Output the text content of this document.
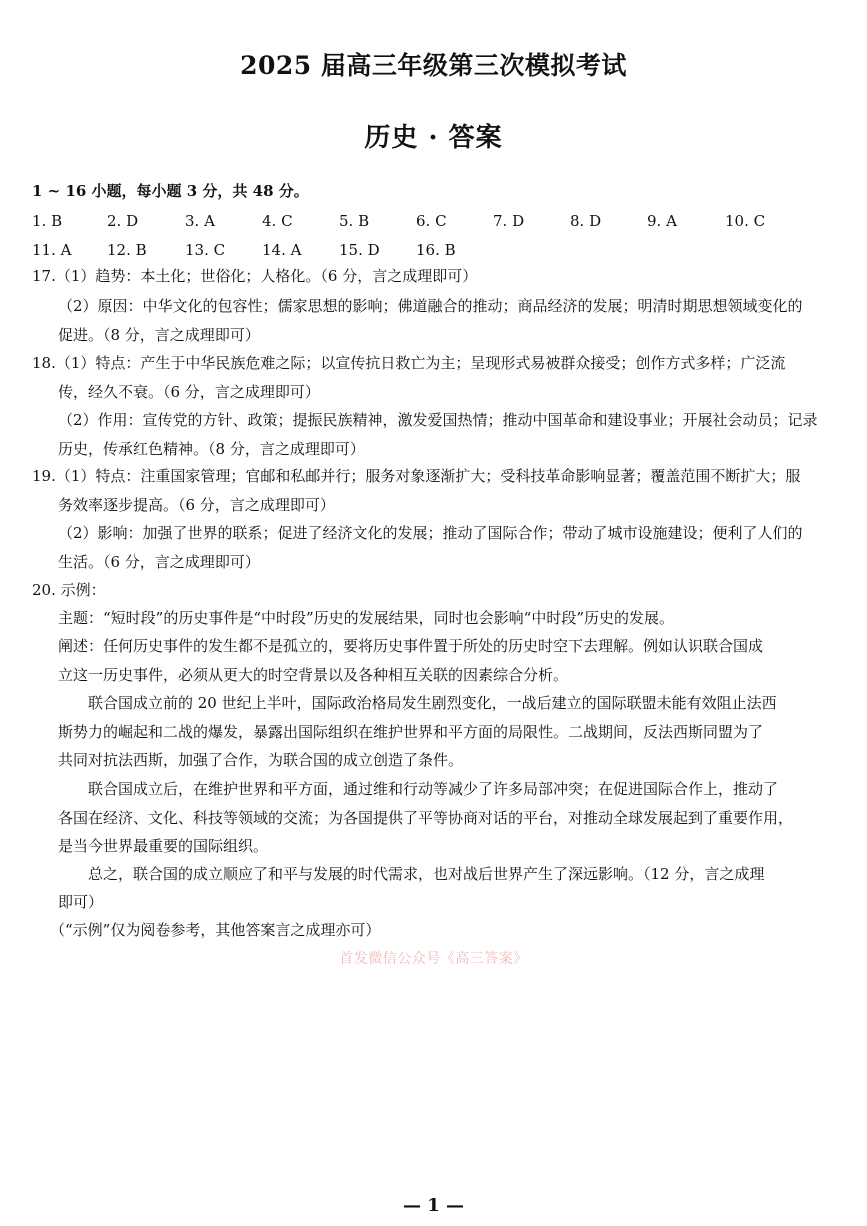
2025 届高三年级第三次模拟考试
历史 · 答案
1 ~ 16 小题，每小题 3 分，共 48 分。
1. B	2. D	3. A	4. C	5. B	6. C	7. D	8. D	9. A	10. C
11. A 12. B	13. C 14. A	15. D 16. B
17.（1）趋势：本土化；世俗化；人格化。（6 分，言之成理即可）
（2）原因：中华文化的包容性；儒家思想的影响；佛道融合的推动；商品经济的发展；明清时期思想领域变化的
促进。（8 分，言之成理即可）
18.（1）特点：产生于中华民族危难之际；以宣传抗日救亡为主；呈现形式易被群众接受；创作方式多样；广泛流
传，经久不衰。（6 分，言之成理即可）
（2）作用：宣传党的方针、政策；提振民族精神，激发爱国热情；推动中国革命和建设事业；开展社会动员；记录
历史，传承红色精神。（8 分，言之成理即可）
19.（1）特点：注重国家管理；官邮和私邮并行；服务对象逐渐扩大；受科技革命影响显著；覆盖范围不断扩大；服
务效率逐步提高。（6 分，言之成理即可）
（2）影响：加强了世界的联系；促进了经济文化的发展；推动了国际合作；带动了城市设施建设；便利了人们的
生活。（6 分，言之成理即可）
20. 示例：
主题：“短时段”的历史事件是“中时段”历史的发展结果，同时也会影响“中时段”历史的发展。
阐述：任何历史事件的发生都不是孤立的，要将历史事件置于所处的历史时空下去理解。例如认识联合国成
立这一历史事件，必须从更大的时空背景以及各种相互关联的因素综合分析。
联合国成立前的 20 世纪上半叶，国际政治格局发生剧烈变化，一战后建立的国际联盟未能有效阻止法西
斯势力的崛起和二战的爆发，暴露出国际组织在维护世界和平方面的局限性。二战期间，反法西斯同盟为了
共同对抗法西斯，加强了合作，为联合国的成立创造了条件。
联合国成立后，在维护世界和平方面，通过维和行动等减少了许多局部冲突；在促进国际合作上，推动了
各国在经济、文化、科技等领域的交流；为各国提供了平等协商对话的平台，对推动全球发展起到了重要作用，
是当今世界最重要的国际组织。
总之，联合国的成立顺应了和平与发展的时代需求，也对战后世界产生了深远影响。（12 分，言之成理
即可）
（“示例”仅为阅卷参考，其他答案言之成理亦可）
首发微信公众号《高三答案》
— 1 —
